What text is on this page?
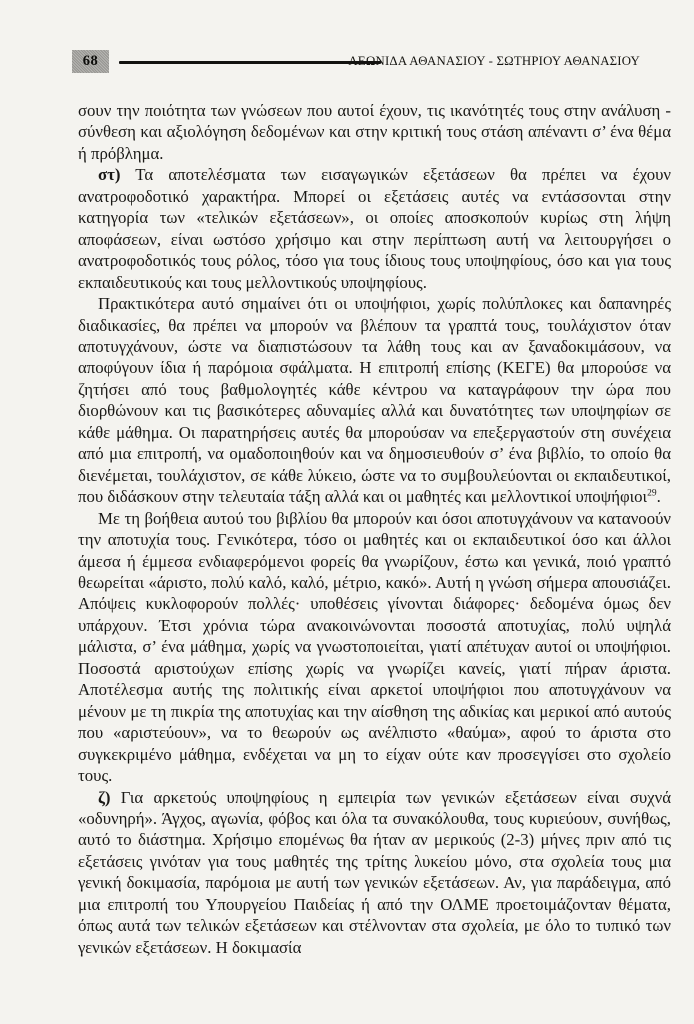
68	ΛΕΩΝΙΔΑ ΑΘΑΝΑΣΙΟΥ - ΣΩΤΗΡΙΟΥ ΑΘΑΝΑΣΙΟΥ

σουν την ποιότητα των γνώσεων που αυτοί έχουν, τις ικανότητές τους στην ανάλυση - σύνθεση και αξιολόγηση δεδομένων και στην κριτική τους στάση απέναντι σ’ ένα θέμα ή πρόβλημα.

στ) Τα αποτελέσματα των εισαγωγικών εξετάσεων θα πρέπει να έχουν ανατροφοδοτικό χαρακτήρα. Μπορεί οι εξετάσεις αυτές να εντάσσονται στην κατηγορία των «τελικών εξετάσεων», οι οποίες αποσκοπούν κυρίως στη λήψη αποφάσεων, είναι ωστόσο χρήσιμο και στην περίπτωση αυτή να λειτουργήσει ο ανατροφοδοτικός τους ρόλος, τόσο για τους ίδιους τους υποψηφίους, όσο και για τους εκπαιδευτικούς και τους μελλοντικούς υποψηφίους.

Πρακτικότερα αυτό σημαίνει ότι οι υποψήφιοι, χωρίς πολύπλοκες και δαπανηρές διαδικασίες, θα πρέπει να μπορούν να βλέπουν τα γραπτά τους, τουλάχιστον όταν αποτυγχάνουν, ώστε να διαπιστώσουν τα λάθη τους και αν ξαναδοκιμάσουν, να αποφύγουν ίδια ή παρόμοια σφάλματα. Η επιτροπή επίσης (ΚΕΓΕ) θα μπορούσε να ζητήσει από τους βαθμολογητές κάθε κέντρου να καταγράφουν την ώρα που διορθώνουν και τις βασικότερες αδυναμίες αλλά και δυνατότητες των υποψηφίων σε κάθε μάθημα. Οι παρατηρήσεις αυτές θα μπορούσαν να επεξεργαστούν στη συνέχεια από μια επιτροπή, να ομαδοποιηθούν και να δημοσιευθούν σ’ ένα βιβλίο, το οποίο θα διενέμεται, τουλάχιστον, σε κάθε λύκειο, ώστε να το συμβουλεύονται οι εκπαιδευτικοί, που διδάσκουν στην τελευταία τάξη αλλά και οι μαθητές και μελλοντικοί υποψήφιοι$^{29}$.

Με τη βοήθεια αυτού του βιβλίου θα μπορούν και όσοι αποτυγχάνουν να κατανοούν την αποτυχία τους. Γενικότερα, τόσο οι μαθητές και οι εκπαιδευτικοί όσο και άλλοι άμεσα ή έμμεσα ενδιαφερόμενοι φορείς θα γνωρίζουν, έστω και γενικά, ποιό γραπτό θεωρείται «άριστο, πολύ καλό, καλό, μέτριο, κακό». Αυτή η γνώση σήμερα απουσιάζει. Απόψεις κυκλοφορούν πολλές· υποθέσεις γίνονται διάφορες· δεδομένα όμως δεν υπάρχουν. Έτσι χρόνια τώρα ανακοινώνονται ποσοστά αποτυχίας, πολύ υψηλά μάλιστα, σ’ ένα μάθημα, χωρίς να γνωστοποιείται, γιατί απέτυχαν αυτοί οι υποψήφιοι. Ποσοστά αριστούχων επίσης χωρίς να γνωρίζει κανείς, γιατί πήραν άριστα. Αποτέλεσμα αυτής της πολιτικής είναι αρκετοί υποψήφιοι που αποτυγχάνουν να μένουν με τη πικρία της αποτυχίας και την αίσθηση της αδικίας και μερικοί από αυτούς που «αριστεύουν», να το θεωρούν ως ανέλπιστο «θαύμα», αφού το άριστα στο συγκεκριμένο μάθημα, ενδέχεται να μη το είχαν ούτε καν προσεγγίσει στο σχολείο τους.

ζ) Για αρκετούς υποψηφίους η εμπειρία των γενικών εξετάσεων είναι συχνά «οδυνηρή». Άγχος, αγωνία, φόβος και όλα τα συνακόλουθα, τους κυριεύουν, συνήθως, αυτό το διάστημα. Χρήσιμο επομένως θα ήταν αν μερικούς (2-3) μήνες πριν από τις εξετάσεις γινόταν για τους μαθητές της τρίτης λυκείου μόνο, στα σχολεία τους μια γενική δοκιμασία, παρόμοια με αυτή των γενικών εξετάσεων. Αν, για παράδειγμα, από μια επιτροπή του Υπουργείου Παιδείας ή από την ΟΛΜΕ προετοιμάζονταν θέματα, όπως αυτά των τελικών εξετάσεων και στέλνονταν στα σχολεία, με όλο το τυπικό των γενικών εξετάσεων. Η δοκιμασία
